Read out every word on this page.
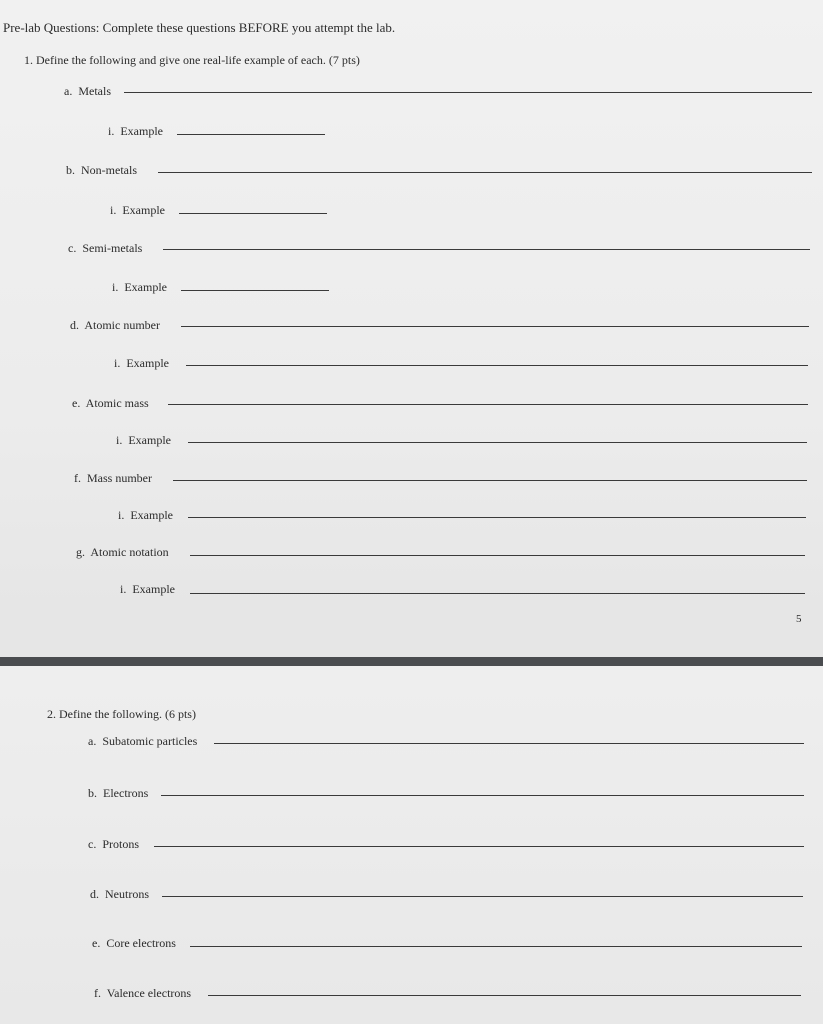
Pre-lab Questions: Complete these questions BEFORE you attempt the lab.
1. Define the following and give one real-life example of each. (7 pts)
a. Metals
i. Example
b. Non-metals
i. Example
c. Semi-metals
i. Example
d. Atomic number
i. Example
e. Atomic mass
i. Example
f. Mass number
i. Example
g. Atomic notation
i. Example
5
2. Define the following. (6 pts)
a. Subatomic particles
b. Electrons
c. Protons
d. Neutrons
e. Core electrons
f. Valence electrons
